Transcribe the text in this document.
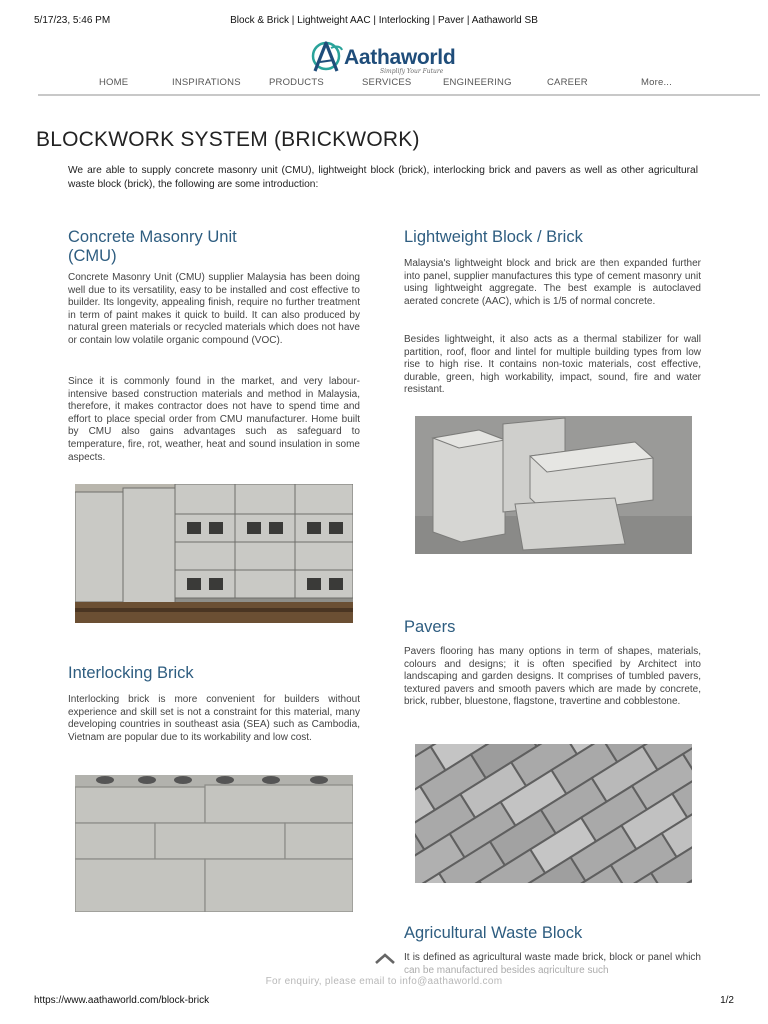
5/17/23, 5:46 PM	Block & Brick | Lightweight AAC | Interlocking | Paver | Aathaworld SB
Aathaworld
Simplify Your Future
HOME	INSPIRATIONS	PRODUCTS	SERVICES	ENGINEERING	CAREER	More...
BLOCKWORK SYSTEM (BRICKWORK)

We are able to supply concrete masonry unit (CMU), lightweight block (brick), interlocking brick and pavers as well as other agricultural waste block (brick), the following are some introduction:

Concrete Masonry Unit
(CMU)

Concrete Masonry Unit (CMU) supplier Malaysia has been doing well due to its versatility, easy to be installed and cost effective to builder. Its longevity, appealing finish, require no further treatment in term of paint makes it quick to build. It can also produced by natural green materials or recycled materials which does not have or contain low volatile organic compound (VOC).

Since it is commonly found in the market, and very labour-intensive based construction materials and method in Malaysia, therefore, it makes contractor does not have to spend time and effort to place special order from CMU manufacturer. Home built by CMU also gains advantages such as safeguard to temperature, fire, rot, weather, heat and sound insulation in some aspects.

Interlocking Brick

Interlocking brick is more convenient for builders without experience and skill set is not a constraint for this material, many developing countries in southeast asia (SEA) such as Cambodia, Vietnam are popular due to its workability and low cost.

Lightweight Block / Brick

Malaysia's lightweight block and brick are then expanded further into panel, supplier manufactures this type of cement masonry unit using lightweight aggregate. The best example is autoclaved aerated concrete (AAC), which is 1/5 of normal concrete.

Besides lightweight, it also acts as a thermal stabilizer for wall partition, roof, floor and lintel for multiple building types from low rise to high rise. It contains non-toxic materials, cost effective, durable, green, high workability, impact, sound, fire and water resistant.

Pavers

Pavers flooring has many options in term of shapes, materials, colours and designs; it is often specified by Architect into landscaping and garden designs. It comprises of tumbled pavers, textured pavers and smooth pavers which are made by concrete, brick, rubber, bluestone, flagstone, travertine and cobblestone.

Agricultural Waste Block

It is defined as agricultural waste made brick, block or panel which

For enquiry, please email to info@aathaworld.com
https://www.aathaworld.com/block-brick	1/2
